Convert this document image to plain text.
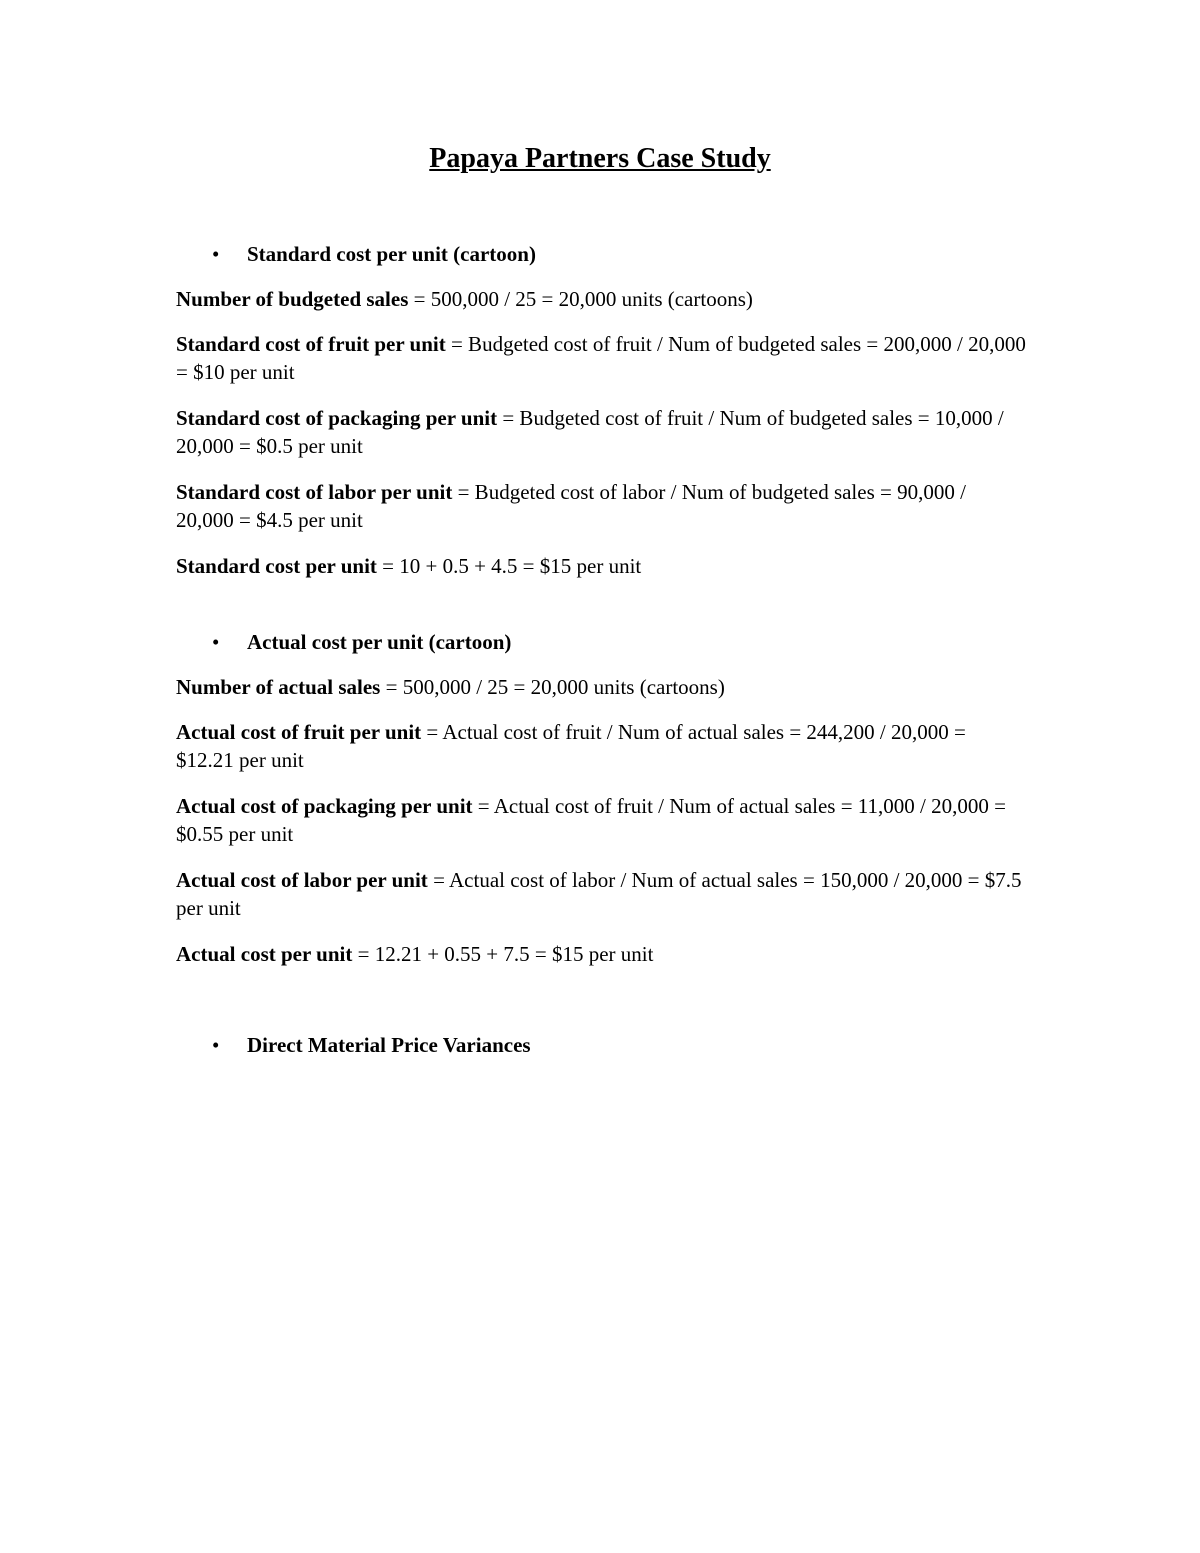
Papaya Partners Case Study
• Standard cost per unit (cartoon)
Number of budgeted sales = 500,000 / 25 = 20,000 units (cartoons)
Standard cost of fruit per unit = Budgeted cost of fruit / Num of budgeted sales = 200,000 / 20,000 = $10 per unit
Standard cost of packaging per unit = Budgeted cost of fruit / Num of budgeted sales = 10,000 / 20,000 = $0.5 per unit
Standard cost of labor per unit = Budgeted cost of labor / Num of budgeted sales = 90,000 / 20,000 = $4.5 per unit
Standard cost per unit = 10 + 0.5 + 4.5 = $15 per unit
• Actual cost per unit (cartoon)
Number of actual sales = 500,000 / 25 = 20,000 units (cartoons)
Actual cost of fruit per unit = Actual cost of fruit / Num of actual sales = 244,200 / 20,000 = $12.21 per unit
Actual cost of packaging per unit = Actual cost of fruit / Num of actual sales = 11,000 / 20,000 = $0.55 per unit
Actual cost of labor per unit = Actual cost of labor / Num of actual sales = 150,000 / 20,000 = $7.5 per unit
Actual cost per unit = 12.21 + 0.55 + 7.5 = $15 per unit
• Direct Material Price Variances
